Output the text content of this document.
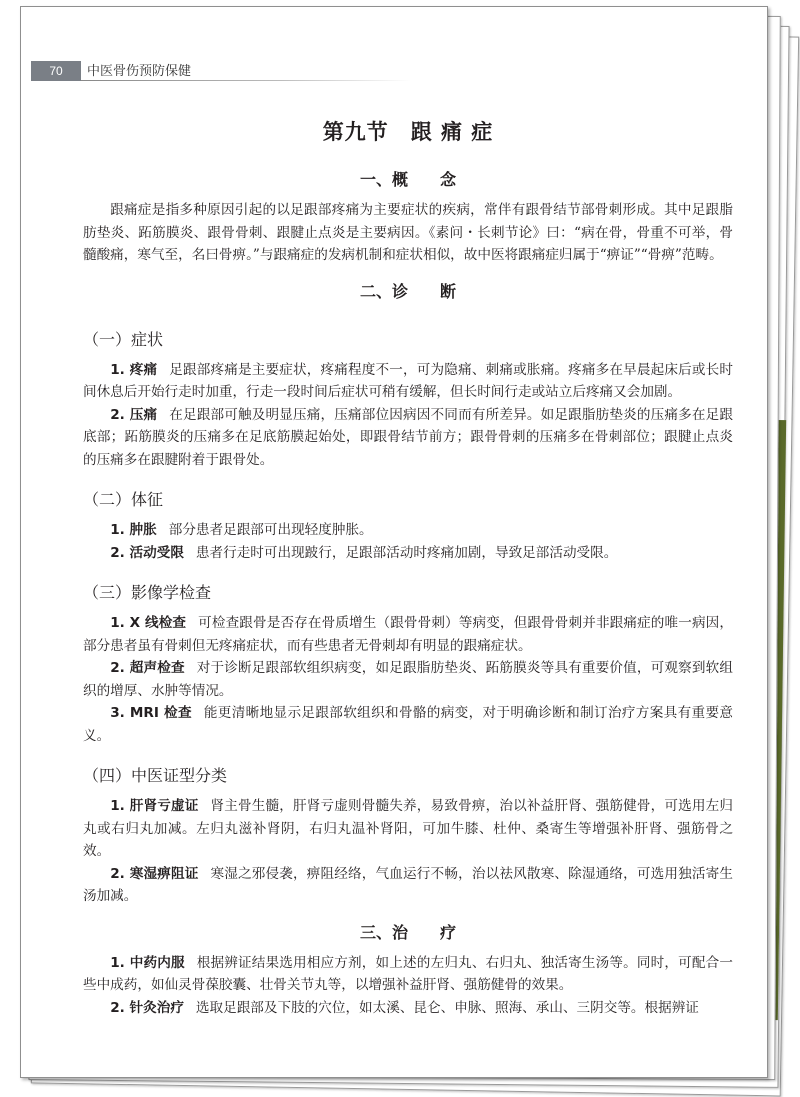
70	中医骨伤预防保健
第九节 跟 痛 症
一、概　　念

跟痛症是指多种原因引起的以足跟部疼痛为主要症状的疾病，常伴有跟骨结节部骨刺形成。其中足跟脂肪垫炎、跖筋膜炎、跟骨骨刺、跟腱止点炎是主要病因。《素问・长刺节论》曰：“病在骨，骨重不可举，骨髓酸痛，寒气至，名曰骨痹。”与跟痛症的发病机制和症状相似，故中医将跟痛症归属于“痹证”“骨痹”范畴。

二、诊　　断
（一）症状

1. 疼痛 足跟部疼痛是主要症状，疼痛程度不一，可为隐痛、刺痛或胀痛。疼痛多在早晨起床后或长时间休息后开始行走时加重，行走一段时间后症状可稍有缓解，但长时间行走或站立后疼痛又会加剧。

2. 压痛 在足跟部可触及明显压痛，压痛部位因病因不同而有所差异。如足跟脂肪垫炎的压痛多在足跟底部；跖筋膜炎的压痛多在足底筋膜起始处，即跟骨结节前方；跟骨骨刺的压痛多在骨刺部位；跟腱止点炎的压痛多在跟腱附着于跟骨处。

（二）体征

1. 肿胀 部分患者足跟部可出现轻度肿胀。

2. 活动受限 患者行走时可出现跛行，足跟部活动时疼痛加剧，导致足部活动受限。

（三）影像学检查

1. X 线检查 可检查跟骨是否存在骨质增生（跟骨骨刺）等病变，但跟骨骨刺并非跟痛症的唯一病因，部分患者虽有骨刺但无疼痛症状，而有些患者无骨刺却有明显的跟痛症状。

2. 超声检查 对于诊断足跟部软组织病变，如足跟脂肪垫炎、跖筋膜炎等具有重要价值，可观察到软组织的增厚、水肿等情况。

3. MRI 检查 能更清晰地显示足跟部软组织和骨骼的病变，对于明确诊断和制订治疗方案具有重要意义。

（四）中医证型分类

1. 肝肾亏虚证 肾主骨生髓，肝肾亏虚则骨髓失养，易致骨痹，治以补益肝肾、强筋健骨，可选用左归丸或右归丸加减。左归丸滋补肾阴，右归丸温补肾阳，可加牛膝、杜仲、桑寄生等增强补肝肾、强筋骨之效。

2. 寒湿痹阻证 寒湿之邪侵袭，痹阻经络，气血运行不畅，治以祛风散寒、除湿通络，可选用独活寄生汤加减。

三、治　　疗

1. 中药内服 根据辨证结果选用相应方剂，如上述的左归丸、右归丸、独活寄生汤等。同时，可配合一些中成药，如仙灵骨葆胶囊、壮骨关节丸等，以增强补益肝肾、强筋健骨的效果。

2. 针灸治疗 选取足跟部及下肢的穴位，如太溪、昆仑、申脉、照海、承山、三阴交等。根据辨证
